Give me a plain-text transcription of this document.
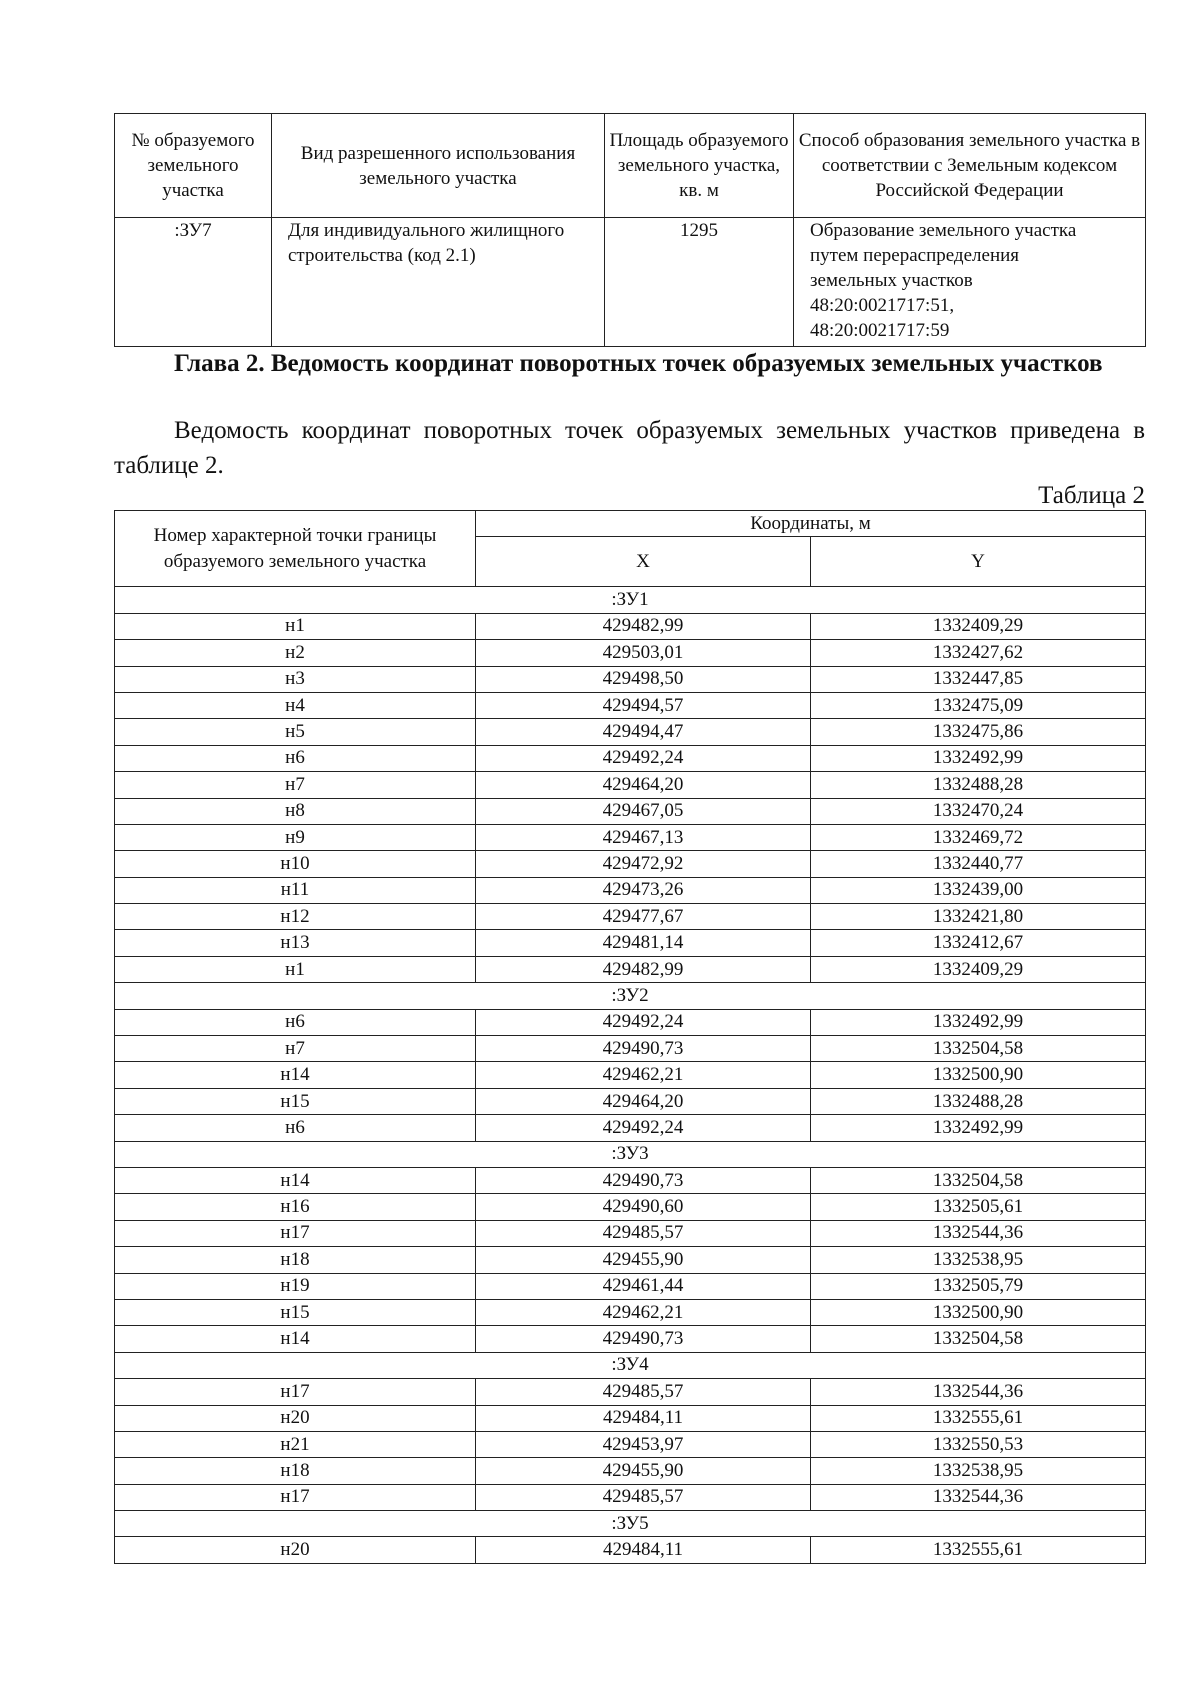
№ образуемого земельного участка	Вид разрешенного использования земельного участка	Площадь образуемого земельного участка, кв. м	Способ образования земельного участка в соответствии с Земельным кодексом Российской Федерации
:ЗУ7	Для индивидуального жилищного строительства (код 2.1)	1295	Образование земельного участка
путем перераспределения
земельных участков
48:20:0021717:51,
48:20:0021717:59

Глава 2. Ведомость координат поворотных точек образуемых земельных участков

Ведомость координат поворотных точек образуемых земельных участков приведена в таблице 2.

Таблица 2
Номер характерной точки границы образуемого земельного участка	Координаты, м	
	X	Y
:ЗУ1		
н1	429482,99	1332409,29
н2	429503,01	1332427,62
н3	429498,50	1332447,85
н4	429494,57	1332475,09
н5	429494,47	1332475,86
н6	429492,24	1332492,99
н7	429464,20	1332488,28
н8	429467,05	1332470,24
н9	429467,13	1332469,72
н10	429472,92	1332440,77
н11	429473,26	1332439,00
н12	429477,67	1332421,80
н13	429481,14	1332412,67
н1	429482,99	1332409,29
:ЗУ2		
н6	429492,24	1332492,99
н7	429490,73	1332504,58
н14	429462,21	1332500,90
н15	429464,20	1332488,28
н6	429492,24	1332492,99
:ЗУ3		
н14	429490,73	1332504,58
н16	429490,60	1332505,61
н17	429485,57	1332544,36
н18	429455,90	1332538,95
н19	429461,44	1332505,79
н15	429462,21	1332500,90
н14	429490,73	1332504,58
:ЗУ4		
н17	429485,57	1332544,36
н20	429484,11	1332555,61
н21	429453,97	1332550,53
н18	429455,90	1332538,95
н17	429485,57	1332544,36
:ЗУ5		
н20	429484,11	1332555,61
